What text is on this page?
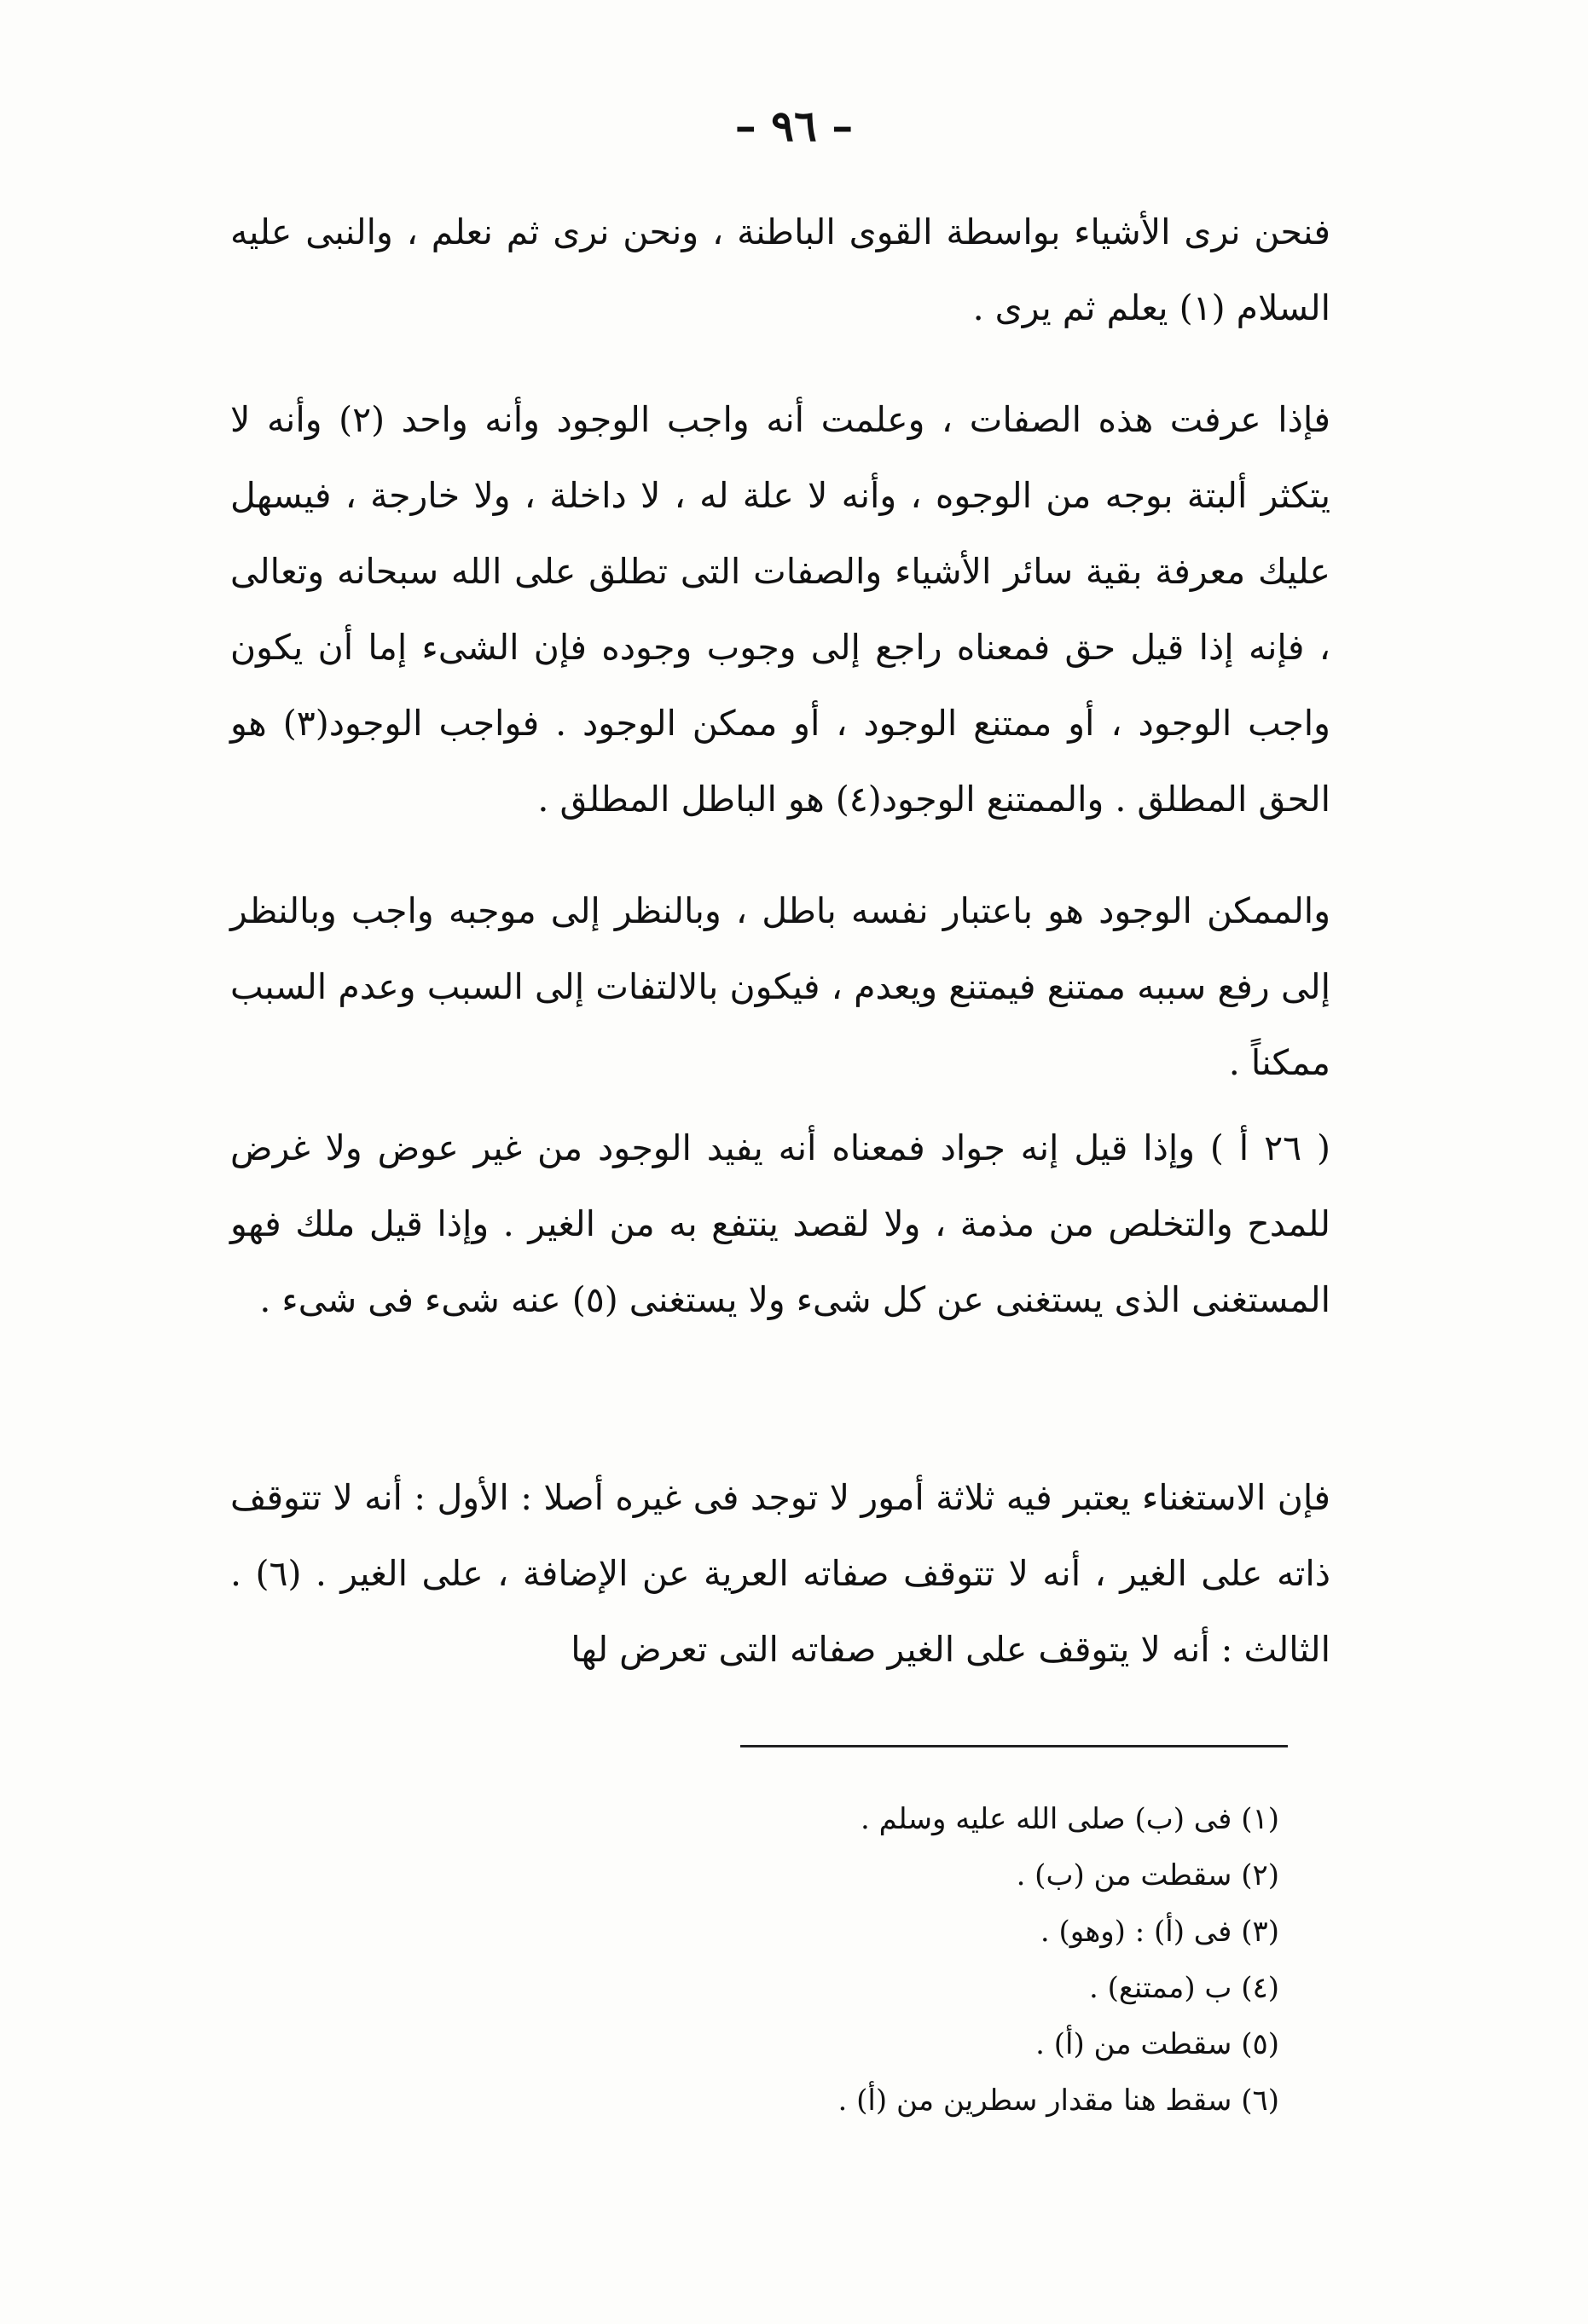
– ٩٦ –

فنحن نرى الأشياء بواسطة القوى الباطنة ، ونحن نرى ثم نعلم ، والنبى عليه السلام (١) يعلم ثم يرى .

فإذا عرفت هذه الصفات ، وعلمت أنه واجب الوجود وأنه واحد (٢) وأنه لا يتكثر ألبتة بوجه من الوجوه ، وأنه لا علة له ، لا داخلة ، ولا خارجة ، فيسهل عليك معرفة بقية سائر الأشياء والصفات التى تطلق على الله سبحانه وتعالى ، فإنه إذا قيل حق فمعناه راجع إلى وجوب وجوده فإن الشىء إما أن يكون واجب الوجود ، أو ممتنع الوجود ، أو ممكن الوجود . فواجب الوجود(٣) هو الحق المطلق . والممتنع الوجود(٤) هو الباطل المطلق .

والممكن الوجود هو باعتبار نفسه باطل ، وبالنظر إلى موجبه واجب وبالنظر إلى رفع سببه ممتنع فيمتنع ويعدم ، فيكون بالالتفات إلى السبب وعدم السبب ممكناً .

( ٢٦ أ ) وإذا قيل إنه جواد فمعناه أنه يفيد الوجود من غير عوض ولا غرض للمدح والتخلص من مذمة ، ولا لقصد ينتفع به من الغير . وإذا قيل ملك فهو المستغنى الذى يستغنى عن كل شىء ولا يستغنى (٥) عنه شىء فى شىء .

فإن الاستغناء يعتبر فيه ثلاثة أمور لا توجد فى غيره أصلا : الأول : أنه لا تتوقف ذاته على الغير ، أنه لا تتوقف صفاته العرية عن الإضافة ، على الغير . (٦) . الثالث : أنه لا يتوقف على الغير صفاته التى تعرض لها

(١) فى (ب) صلى الله عليه وسلم .
(٢) سقطت من (ب) .
(٣) فى (أ) : (وهو) .
(٤) ب (ممتنع) .
(٥) سقطت من (أ) .
(٦) سقط هنا مقدار سطرين من (أ) .
